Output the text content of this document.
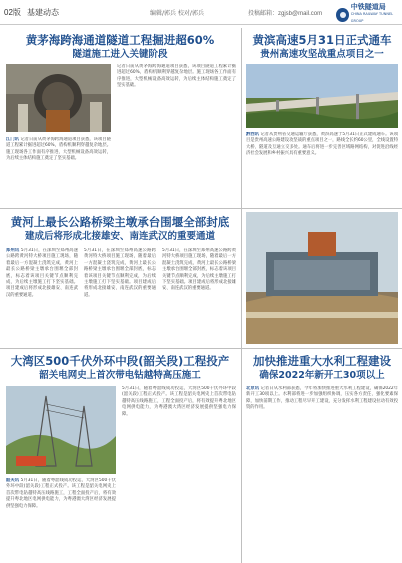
02版 基建动态	编辑/郭兵 校对/郭兵	投稿邮箱：zgjsb@mail.com
中铁隧道局
CHINA RAILWAY TUNNEL GROUP
黄茅海跨海通道隧道工程掘进超60%
隧道施工进入关键阶段
江门讯 记者日前从黄茅海跨海通道项目获悉，该项目隧道工程累计掘进超过60%，盾构机顺利穿越复杂地层。施工现场各工作面有序推进，大型机械设备高效运转，为后续主体结构施工奠定了坚实基础。
记者日前从黄茅海跨海通道项目获悉，该项目隧道工程累计掘进超过60%，盾构机顺利穿越复杂地层。施工现场各工作面有序推进，大型机械设备高效运转，为后续主体结构施工奠定了坚实基础。
黄滨高速5月31日正式通车
贵州高速攻坚战重点项目之一
黔西讯 记者从贵州省交通运输厅获悉，黄滨高速于5月31日正式建成通车。该项目是贵州高速公路建设攻坚战的重点项目之一，路线全长约60公里，全线设置特大桥、隧道及互通立交多处。通车后将进一步完善区域路网结构，对促进沿线经济社会发展和乡村振兴具有重要意义。
黄河上最长公路桥梁主墩承台围堰全部封底
建成后将形成北接雄安、南连武汉的重要通道
郑州讯 5月31日，在深圳至郑州高速公路跨黄河特大桥项目施工现场，随着最后一方混凝土浇筑完成，黄河上最长公路桥梁主墩承台围堰全部封底，标志着该项目关键节点顺利完成，为后续主墩施工打下坚实基础。项目建成后将形成北接雄安、南连武汉的重要通道。
5月31日，在深圳至郑州高速公路跨黄河特大桥项目施工现场，随着最后一方混凝土浇筑完成，黄河上最长公路桥梁主墩承台围堰全部封底，标志着该项目关键节点顺利完成，为后续主墩施工打下坚实基础。项目建成后将形成北接雄安、南连武汉的重要通道。
5月31日，在深圳至郑州高速公路跨黄河特大桥项目施工现场，随着最后一方混凝土浇筑完成，黄河上最长公路桥梁主墩承台围堰全部封底，标志着该项目关键节点顺利完成，为后续主墩施工打下坚实基础。项目建成后将形成北接雄安、南连武汉的重要通道。
大湾区500千伏外环中段(韶关段)工程投产
韶关电网史上首次带电钻越特高压施工
韶关讯 5月31日，随着粤韶线成功投运，大湾区500千伏外环中段(韶关段)工程正式投产。该工程是韶关电网史上首次带电钻越特高压线路施工，工程全面投产后，将有效提升粤北地区电网供电能力，为粤港澳大湾区经济发展提供坚强电力保障。
5月31日，随着粤韶线成功投运，大湾区500千伏外环中段(韶关段)工程正式投产。该工程是韶关电网史上首次带电钻越特高压线路施工，工程全面投产后，将有效提升粤北地区电网供电能力，为粤港澳大湾区经济发展提供坚强电力保障。
加快推进重大水利工程建设
确保2022年新开工30项以上
北京讯 记者日从水利部获悉，今年将加快推进重大水利工程建设，确保2022年新开工30项以上。水利部将进一步加强组织协调，压实各方责任，强化要素保障，加快前期工作，推动工程尽早开工建设，充分发挥水利工程建设拉动有效投资的作用。
